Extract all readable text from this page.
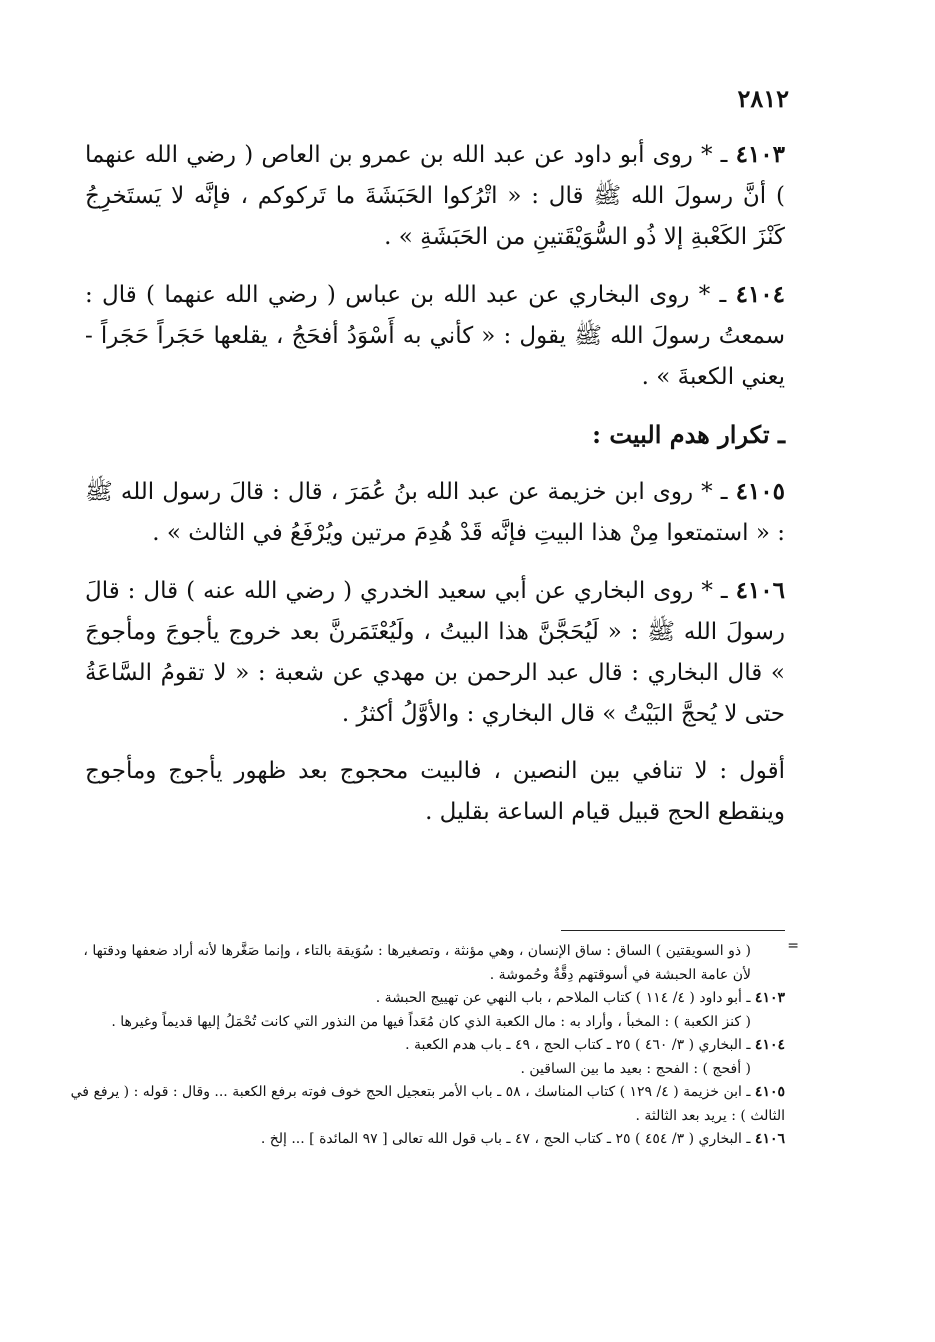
٢٨١٢

٤١٠٣ ـ * روى أبو داود عن عبد الله بن عمرو بن العاص ( رضي الله عنهما ) أنَّ رسولَ الله ﷺ قال : « اتْرُكوا الحَبَشَةَ ما تَركوكم ، فإنَّه لا يَستَخرِجُ كَنْزَ الكَعْبةِ إلا ذُو السُّوَيْقَتينِ من الحَبَشَةِ » .

٤١٠٤ ـ * روى البخاري عن عبد الله بن عباس ( رضي الله عنهما ) قال : سمعتُ رسولَ الله ﷺ يقول : « كأني به أَسْوَدُ أفحَجُ ، يقلعها حَجَراً حَجَراً - يعني الكعبةَ » .

ـ تكرار هدم البيت :

٤١٠٥ ـ * روى ابن خزيمة عن عبد الله بنُ عُمَرَ ، قال : قالَ رسول الله ﷺ : « استمتعوا مِنْ هذا البيتِ فإنَّه قَدْ هُدِمَ مرتين ويُرْفَعُ في الثالث » .

٤١٠٦ ـ * روى البخاري عن أبي سعيد الخدري ( رضي الله عنه ) قال : قالَ رسولَ الله ﷺ : « لَيُحَجَّنَّ هذا البيتُ ، ولَيُعْتَمَرنَّ بعد خروج يأجوجَ ومأجوجَ » قال البخاري : قال عبد الرحمن بن مهدي عن شعبة : « لا تقومُ السَّاعَةُ حتى لا يُحجَّ البَيْتُ » قال البخاري : والأوَّلُ أكثرُ .

أقول : لا تنافي بين النصين ، فالبيت محجوج بعد ظهور يأجوج ومأجوج وينقطع الحج قبيل قيام الساعة بقليل .

=

( ذو السويقتين ) الساق : ساق الإنسان ، وهي مؤنثة ، وتصغيرها : سُوَيقة بالتاء ، وإنما صَغَّرها لأنه أراد ضعفها ودقتها ، لأن عامة الحبشة في أسوقتهم دِقَّةٌ وحُموشة .

٤١٠٣ ـ أبو داود ( ٤/ ١١٤ ) كتاب الملاحم ، باب النهي عن تهييج الحبشة .

( كنز الكعبة ) : المخبأ ، وأراد به : مال الكعبة الذي كان مُعَداً فيها من النذور التي كانت تُحْمَلُ إليها قديماً وغيرها .

٤١٠٤ ـ البخاري ( ٣/ ٤٦٠ ) ٢٥ ـ كتاب الحج ، ٤٩ ـ باب هدم الكعبة .

( أفحج ) : الفحج : بعيد ما بين الساقين .

٤١٠٥ ـ ابن خزيمة ( ٤/ ١٢٩ ) كتاب المناسك ، ٥٨ ـ باب الأمر بتعجيل الحج خوف فوته برفع الكعبة ... وقال : قوله : ( يرفع في الثالث ) : يريد بعد الثالثة .

٤١٠٦ ـ البخاري ( ٣/ ٤٥٤ ) ٢٥ ـ كتاب الحج ، ٤٧ ـ باب قول الله تعالى [ ٩٧ المائدة ] ... إلخ .
